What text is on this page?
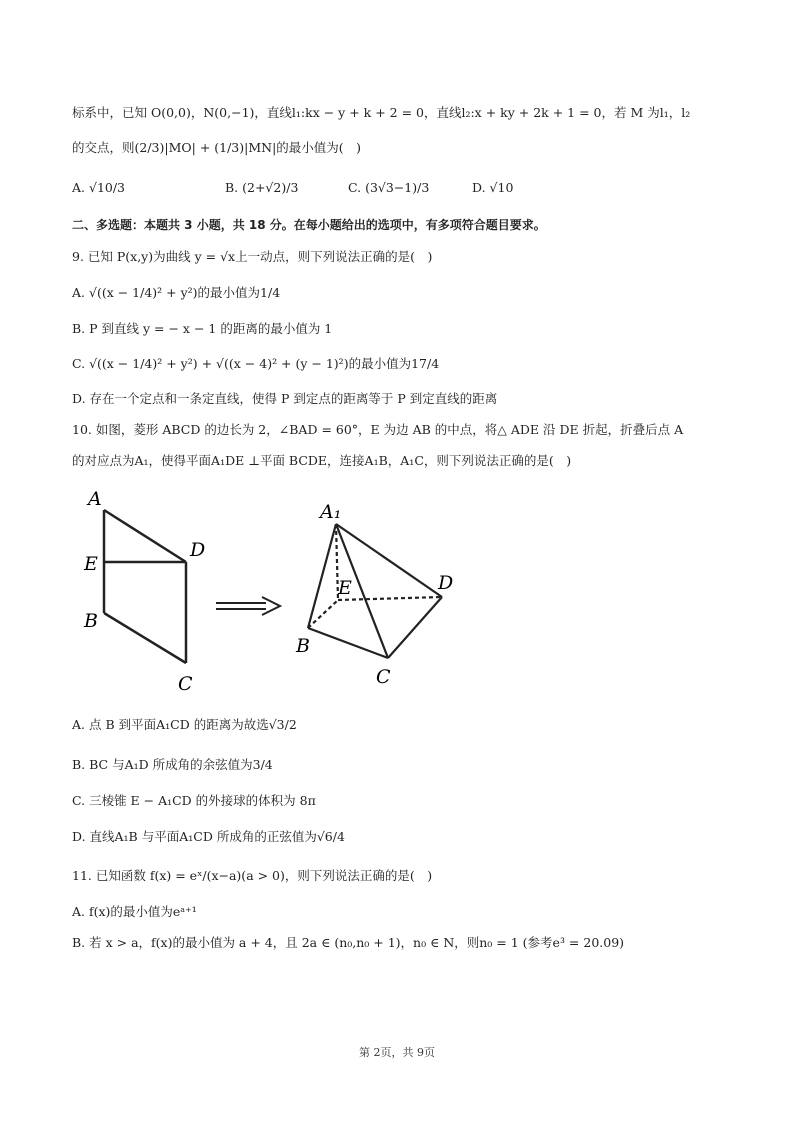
标系中，已知 O(0,0)，N(0,−1)，直线l₁:kx − y + k + 2 = 0，直线l₂:x + ky + 2k + 1 = 0，若 M 为l₁，l₂
的交点，则(2/3)|MO| + (1/3)|MN|的最小值为(　)
A. √10/3	B. (2+√2)/3	C. (3√3−1)/3	D. √10
二、多选题：本题共 3 小题，共 18 分。在每小题给出的选项中，有多项符合题目要求。
9. 已知 P(x,y)为曲线 y = √x上一动点，则下列说法正确的是(　)
A. √((x − 1/4)² + y²)的最小值为1/4
B. P 到直线 y = − x − 1 的距离的最小值为 1
C. √((x − 1/4)² + y²) + √((x − 4)² + (y − 1)²)的最小值为17/4
D. 存在一个定点和一条定直线，使得 P 到定点的距离等于 P 到定直线的距离
10. 如图，菱形 ABCD 的边长为 2，∠BAD = 60°，E 为边 AB 的中点，将△ ADE 沿 DE 折起，折叠后点 A
的对应点为A₁，使得平面A₁DE ⊥平面 BCDE，连接A₁B，A₁C，则下列说法正确的是(　)
A
E
D
B
C
A₁
E	D
B
C
A. 点 B 到平面A₁CD 的距离为故选√3/2
B. BC 与A₁D 所成角的余弦值为3/4
C. 三棱锥 E − A₁CD 的外接球的体积为 8π
D. 直线A₁B 与平面A₁CD 所成角的正弦值为√6/4
11. 已知函数 f(x) = eˣ/(x−a)(a > 0)，则下列说法正确的是(　)
A. f(x)的最小值为eᵃ⁺¹
B. 若 x > a，f(x)的最小值为 a + 4，且 2a ∈ (n₀,n₀ + 1)，n₀ ∈ N，则n₀ = 1 (参考e³ = 20.09)
第 2页，共 9页
